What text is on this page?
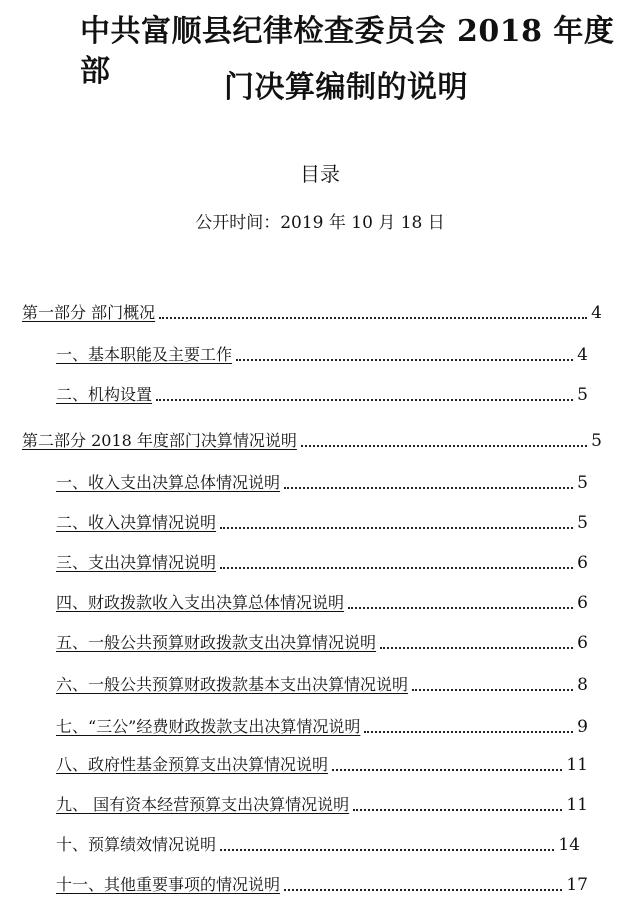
中共富顺县纪律检查委员会 2018 年度部	门决算编制的说明
目录
公开时间：2019 年 10 月 18 日
第一部分 部门概况	4
一、基本职能及主要工作	4
二、机构设置	5
第二部分 2018 年度部门决算情况说明	5
一、收入支出决算总体情况说明	5
二、收入决算情况说明	5
三、支出决算情况说明	6
四、财政拨款收入支出决算总体情况说明	6
五、一般公共预算财政拨款支出决算情况说明	6
六、一般公共预算财政拨款基本支出决算情况说明	8
七、“三公”经费财政拨款支出决算情况说明	9
八、政府性基金预算支出决算情况说明	11
九、 国有资本经营预算支出决算情况说明	11
十、预算绩效情况说明	14
十一、其他重要事项的情况说明	17
